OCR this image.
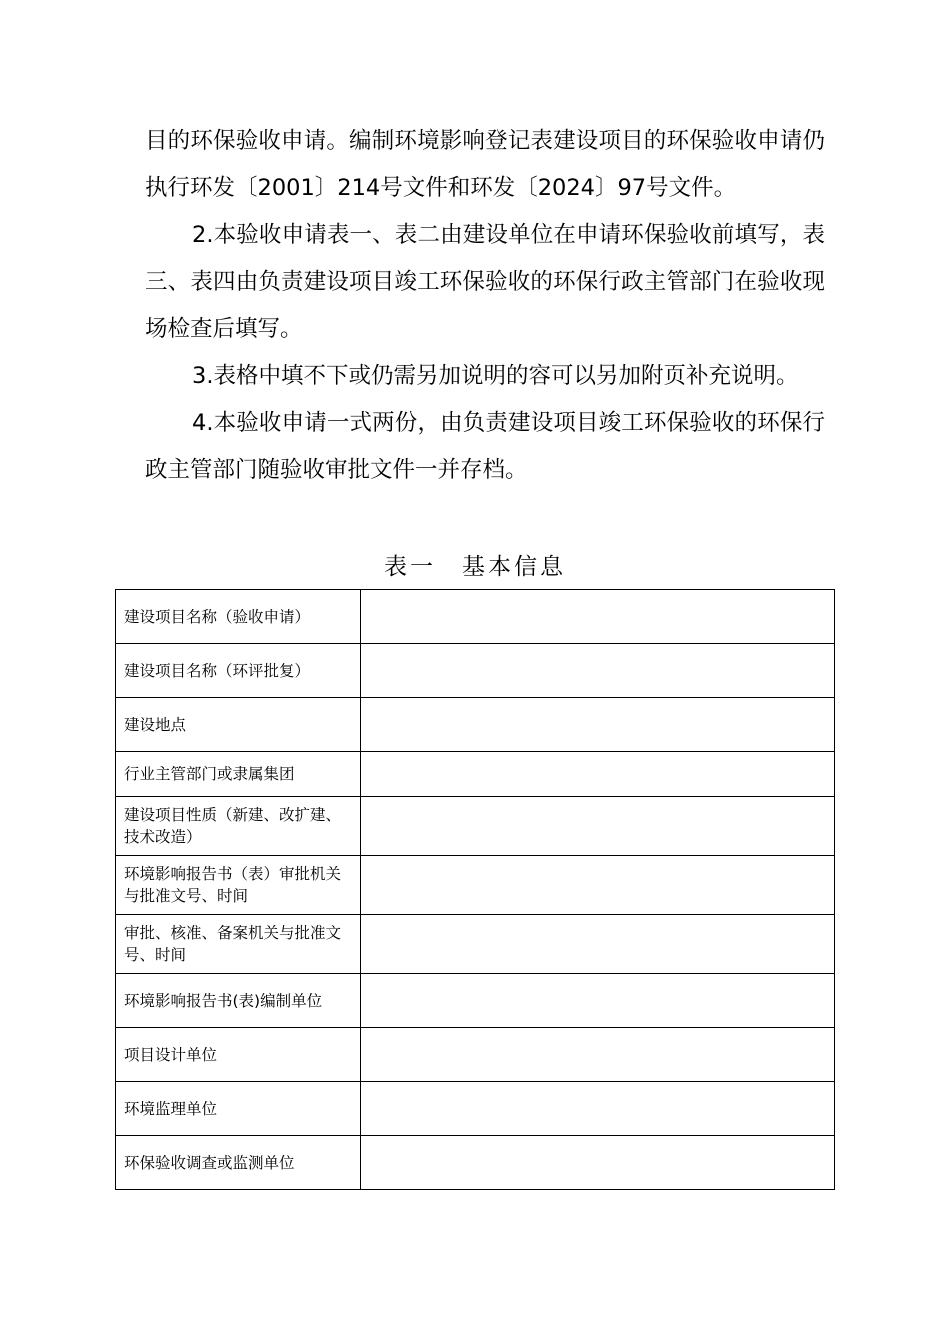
目的环保验收申请。编制环境影响登记表建设项目的环保验收申请仍执行环发〔2001〕214号文件和环发〔2024〕97号文件。

2.本验收申请表一、表二由建设单位在申请环保验收前填写，表三、表四由负责建设项目竣工环保验收的环保行政主管部门在验收现场检查后填写。

3.表格中填不下或仍需另加说明的容可以另加附页补充说明。

4.本验收申请一式两份，由负责建设项目竣工环保验收的环保行政主管部门随验收审批文件一并存档。

表一　基本信息
建设项目名称（验收申请）	
建设项目名称（环评批复）	
建设地点	
行业主管部门或隶属集团	
建设项目性质（新建、改扩建、技术改造）	
环境影响报告书（表）审批机关与批准文号、时间	
审批、核准、备案机关与批准文号、时间	
环境影响报告书(表)编制单位	
项目设计单位	
环境监理单位	
环保验收调查或监测单位	
